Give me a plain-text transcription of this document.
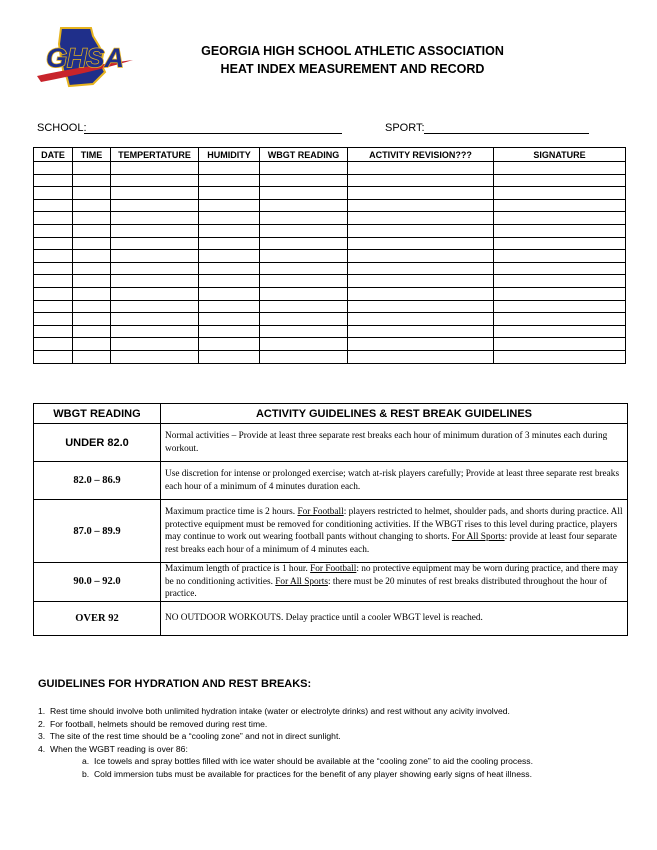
GHSA	GEORGIA HIGH SCHOOL ATHLETIC ASSOCIATION
HEAT INDEX MEASUREMENT AND RECORD
SCHOOL:	SPORT:
DATE	TIME	TEMPERTATURE	HUMIDITY	WBGT READING	ACTIVITY REVISION???	SIGNATURE

WBGT READING	ACTIVITY GUIDELINES & REST BREAK GUIDELINES
UNDER 82.0	Normal activities – Provide at least three separate rest breaks each hour of minimum duration of 3 minutes each during workout.
82.0 – 86.9	Use discretion for intense or prolonged exercise; watch at-risk players carefully; Provide at least three separate rest breaks each hour of a minimum of 4 minutes duration each.
87.0 – 89.9	Maximum practice time is 2 hours. For Football: players restricted to helmet, shoulder pads, and shorts during practice. All protective equipment must be removed for conditioning activities. If the WBGT rises to this level during practice, players may continue to work out wearing football pants without changing to shorts. For All Sports: provide at least four separate rest breaks each hour of a minimum of 4 minutes each.
90.0 – 92.0	Maximum length of practice is 1 hour. For Football: no protective equipment may be worn during practice, and there may be no conditioning activities. For All Sports: there must be 20 minutes of rest breaks distributed throughout the hour of practice.
OVER 92	NO OUTDOOR WORKOUTS. Delay practice until a cooler WBGT level is reached.
GUIDELINES FOR HYDRATION AND REST BREAKS:
1. Rest time should involve both unlimited hydration intake (water or electrolyte drinks) and rest without any acivity involved.
2. For football, helmets should be removed during rest time.
3. The site of the rest time should be a “cooling zone” and not in direct sunlight.
4. When the WGBT reading is over 86:
a. Ice towels and spray bottles filled with ice water should be available at the “cooling zone” to aid the cooling process.
b. Cold immersion tubs must be available for practices for the benefit of any player showing early signs of heat illness.
